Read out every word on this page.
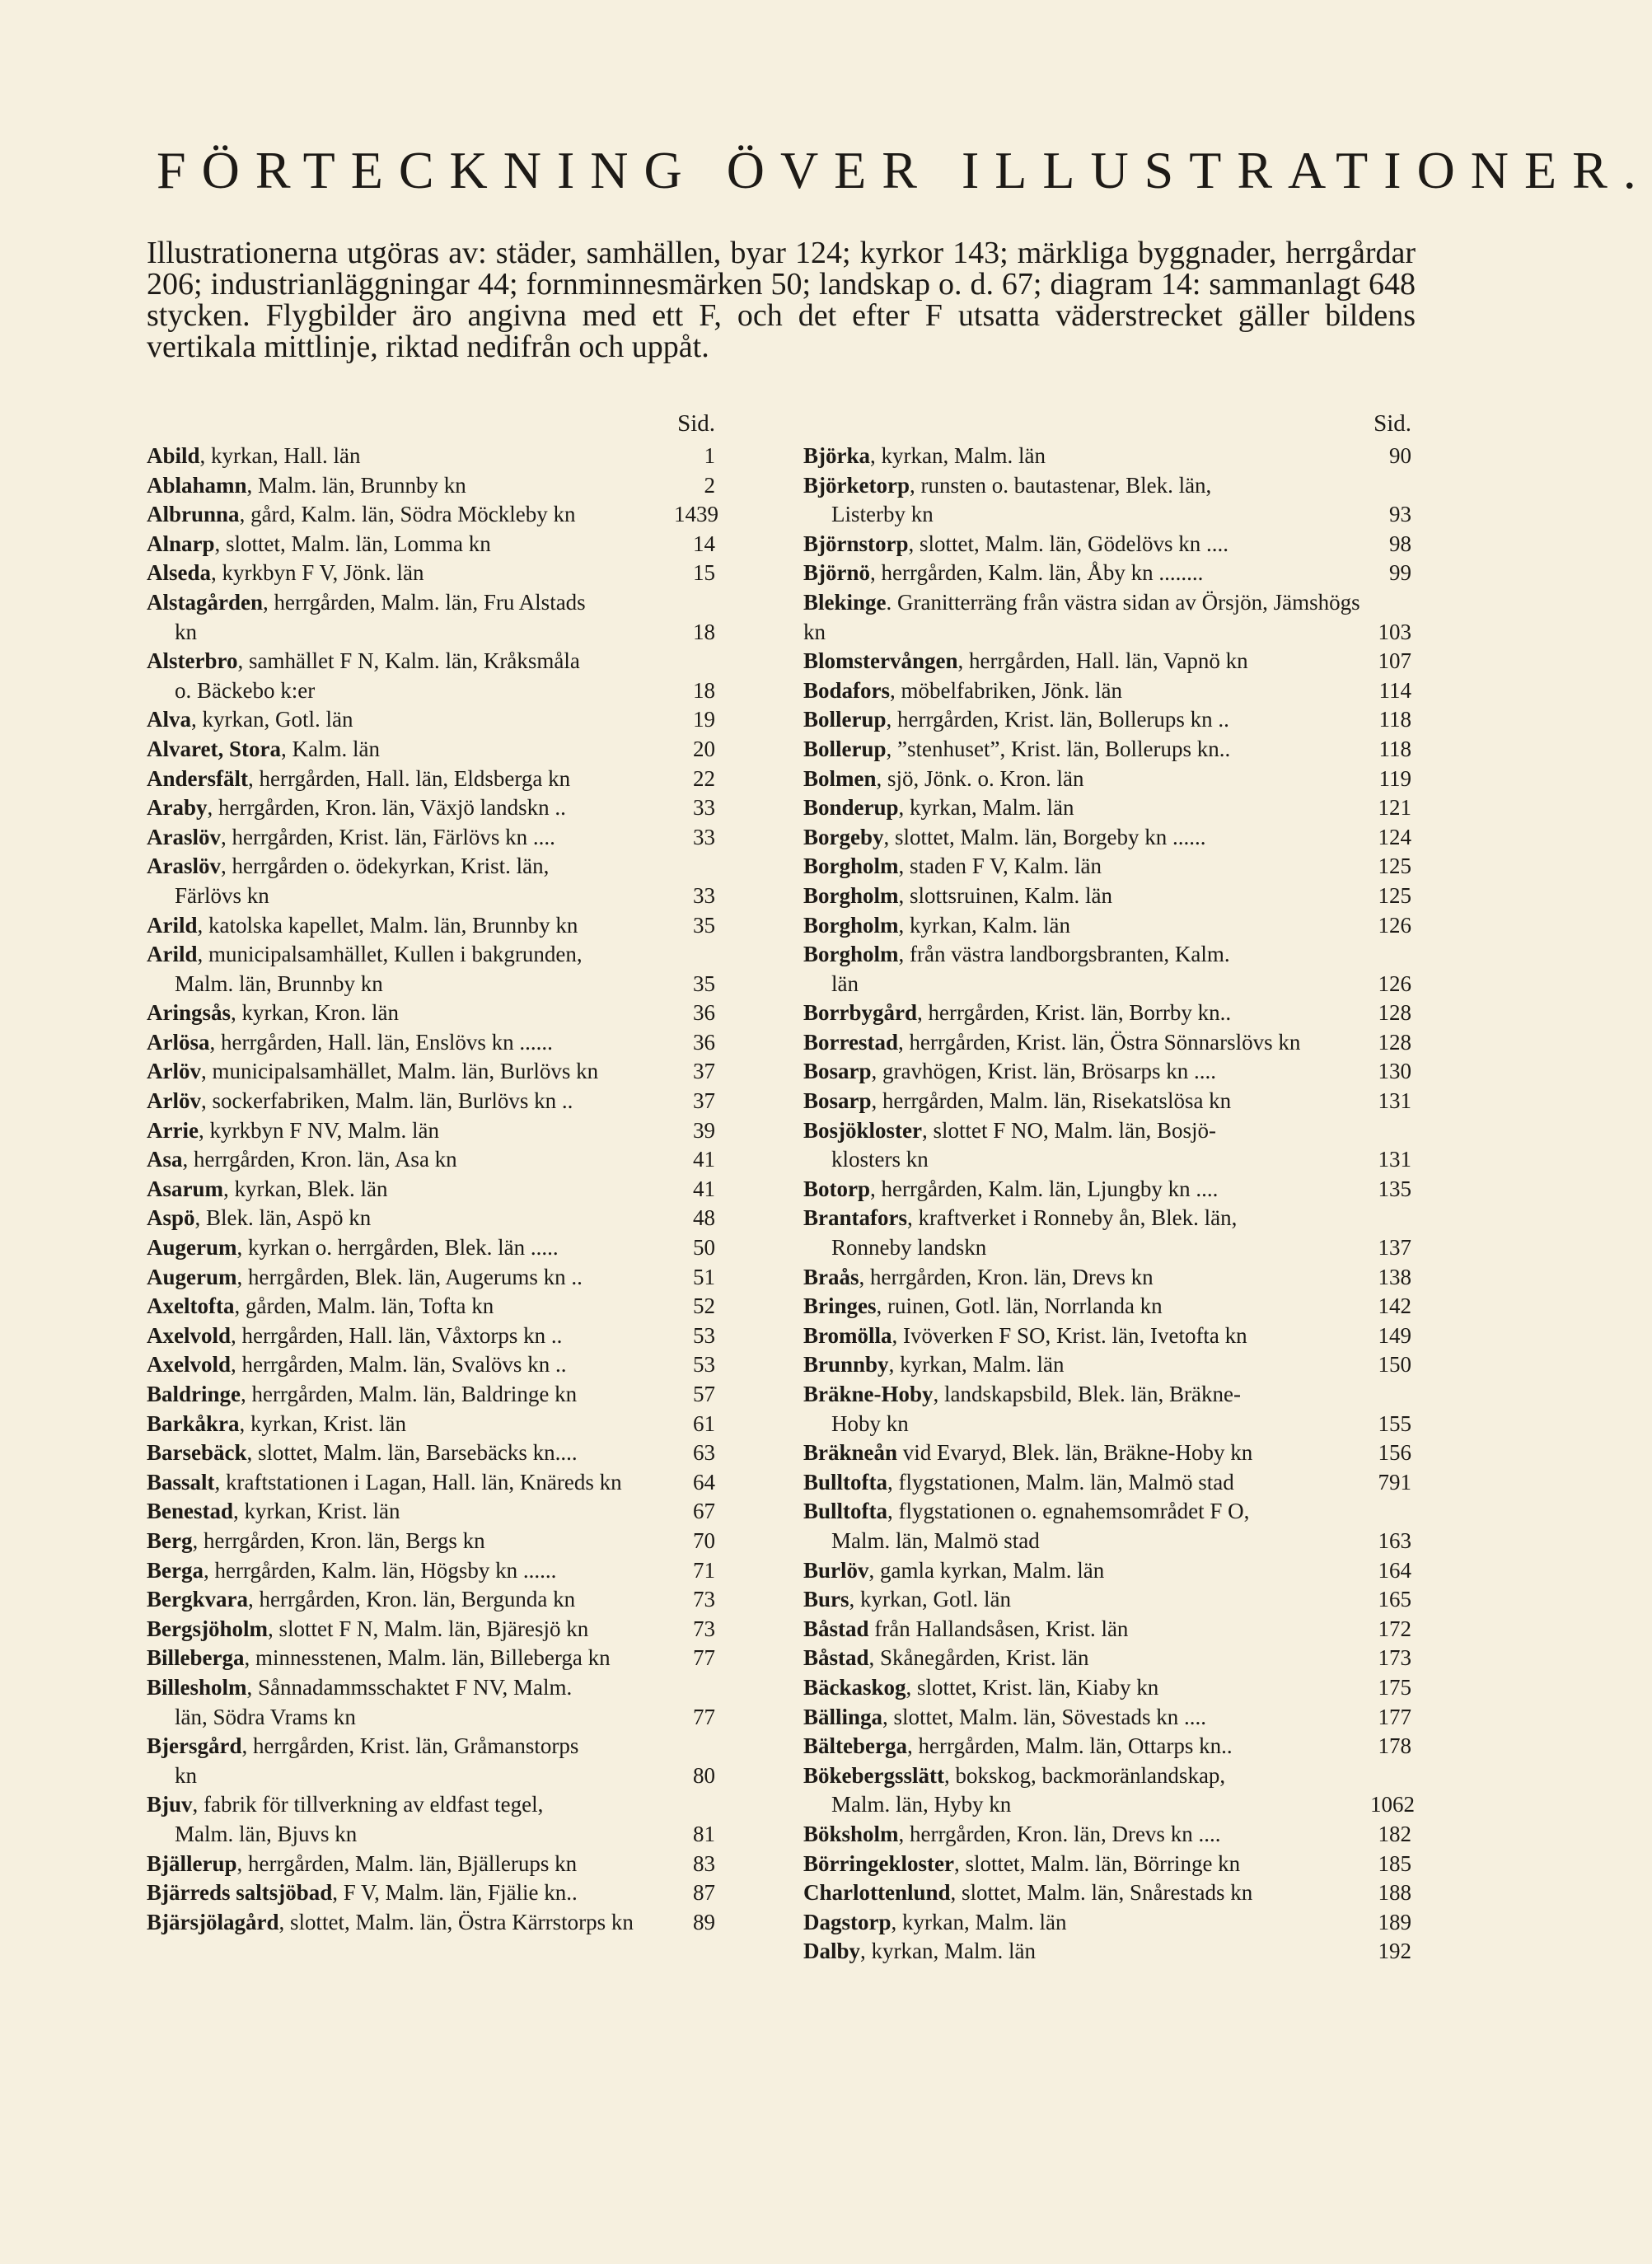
FÖRTECKNING ÖVER ILLUSTRATIONER.

Illustrationerna utgöras av: städer, samhällen, byar 124; kyrkor 143; märkliga byggnader, herrgårdar 206; industrianläggningar 44; fornminnesmärken 50; landskap o. d. 67; diagram 14: sammanlagt 648 stycken. Flygbilder äro angivna med ett F, och det efter F utsatta väderstrecket gäller bildens vertikala mittlinje, riktad nedifrån och uppåt.

Sid.
Abild, kyrkan, Hall. län	1
Ablahamn, Malm. län, Brunnby kn	2
Albrunna, gård, Kalm. län, Södra Möckleby kn	1439
Alnarp, slottet, Malm. län, Lomma kn	14
Alseda, kyrkbyn F V, Jönk. län	15
Alstagården, herrgården, Malm. län, Fru Alstads
kn	18
Alsterbro, samhället F N, Kalm. län, Kråksmåla
o. Bäckebo k:er	18
Alva, kyrkan, Gotl. län	19
Alvaret, Stora, Kalm. län	20
Andersfält, herrgården, Hall. län, Eldsberga kn	22
Araby, herrgården, Kron. län, Växjö landskn ..	33
Araslöv, herrgården, Krist. län, Färlövs kn ....	33
Araslöv, herrgården o. ödekyrkan, Krist. län,
Färlövs kn	33
Arild, katolska kapellet, Malm. län, Brunnby kn	35
Arild, municipalsamhället, Kullen i bakgrunden,
Malm. län, Brunnby kn	35
Aringsås, kyrkan, Kron. län	36
Arlösa, herrgården, Hall. län, Enslövs kn ......	36
Arlöv, municipalsamhället, Malm. län, Burlövs kn	37
Arlöv, sockerfabriken, Malm. län, Burlövs kn ..	37
Arrie, kyrkbyn F NV, Malm. län	39
Asa, herrgården, Kron. län, Asa kn	41
Asarum, kyrkan, Blek. län	41
Aspö, Blek. län, Aspö kn	48
Augerum, kyrkan o. herrgården, Blek. län .....	50
Augerum, herrgården, Blek. län, Augerums kn ..	51
Axeltofta, gården, Malm. län, Tofta kn	52
Axelvold, herrgården, Hall. län, Våxtorps kn ..	53
Axelvold, herrgården, Malm. län, Svalövs kn ..	53
Baldringe, herrgården, Malm. län, Baldringe kn	57
Barkåkra, kyrkan, Krist. län	61
Barsebäck, slottet, Malm. län, Barsebäcks kn....	63
Bassalt, kraftstationen i Lagan, Hall. län, Knäreds kn	64
Benestad, kyrkan, Krist. län	67
Berg, herrgården, Kron. län, Bergs kn	70
Berga, herrgården, Kalm. län, Högsby kn ......	71
Bergkvara, herrgården, Kron. län, Bergunda kn	73
Bergsjöholm, slottet F N, Malm. län, Bjäresjö kn	73
Billeberga, minnesstenen, Malm. län, Billeberga kn	77
Billesholm, Sånnadammsschaktet F NV, Malm.
län, Södra Vrams kn	77
Bjersgård, herrgården, Krist. län, Gråmanstorps
kn	80
Bjuv, fabrik för tillverkning av eldfast tegel,
Malm. län, Bjuvs kn	81
Bjällerup, herrgården, Malm. län, Bjällerups kn	83
Bjärreds saltsjöbad, F V, Malm. län, Fjälie kn..	87
Bjärsjölagård, slottet, Malm. län, Östra Kärrstorps kn	89
Sid.
Björka, kyrkan, Malm. län	90
Björketorp, runsten o. bautastenar, Blek. län,
Listerby kn	93
Björnstorp, slottet, Malm. län, Gödelövs kn ....	98
Björnö, herrgården, Kalm. län, Åby kn ........	99
Blekinge. Granitterräng från västra sidan av Örsjön, Jämshögs kn	103
Blomstervången, herrgården, Hall. län, Vapnö kn	107
Bodafors, möbelfabriken, Jönk. län	114
Bollerup, herrgården, Krist. län, Bollerups kn ..	118
Bollerup, ”stenhuset”, Krist. län, Bollerups kn..	118
Bolmen, sjö, Jönk. o. Kron. län	119
Bonderup, kyrkan, Malm. län	121
Borgeby, slottet, Malm. län, Borgeby kn ......	124
Borgholm, staden F V, Kalm. län	125
Borgholm, slottsruinen, Kalm. län	125
Borgholm, kyrkan, Kalm. län	126
Borgholm, från västra landborgsbranten, Kalm.
län	126
Borrbygård, herrgården, Krist. län, Borrby kn..	128
Borrestad, herrgården, Krist. län, Östra Sönnarslövs kn	128
Bosarp, gravhögen, Krist. län, Brösarps kn ....	130
Bosarp, herrgården, Malm. län, Risekatslösa kn	131
Bosjökloster, slottet F NO, Malm. län, Bosjö-
klosters kn	131
Botorp, herrgården, Kalm. län, Ljungby kn ....	135
Brantafors, kraftverket i Ronneby ån, Blek. län,
Ronneby landskn	137
Braås, herrgården, Kron. län, Drevs kn	138
Bringes, ruinen, Gotl. län, Norrlanda kn	142
Bromölla, Ivöverken F SO, Krist. län, Ivetofta kn	149
Brunnby, kyrkan, Malm. län	150
Bräkne-Hoby, landskapsbild, Blek. län, Bräkne-
Hoby kn	155
Bräkneån vid Evaryd, Blek. län, Bräkne-Hoby kn	156
Bulltofta, flygstationen, Malm. län, Malmö stad	791
Bulltofta, flygstationen o. egnahemsområdet F O,
Malm. län, Malmö stad	163
Burlöv, gamla kyrkan, Malm. län	164
Burs, kyrkan, Gotl. län	165
Båstad från Hallandsåsen, Krist. län	172
Båstad, Skånegården, Krist. län	173
Bäckaskog, slottet, Krist. län, Kiaby kn	175
Bällinga, slottet, Malm. län, Sövestads kn ....	177
Bälteberga, herrgården, Malm. län, Ottarps kn..	178
Bökebergsslätt, bokskog, backmoränlandskap,
Malm. län, Hyby kn	1062
Böksholm, herrgården, Kron. län, Drevs kn ....	182
Börringekloster, slottet, Malm. län, Börringe kn	185
Charlottenlund, slottet, Malm. län, Snårestads kn	188
Dagstorp, kyrkan, Malm. län	189
Dalby, kyrkan, Malm. län	192
